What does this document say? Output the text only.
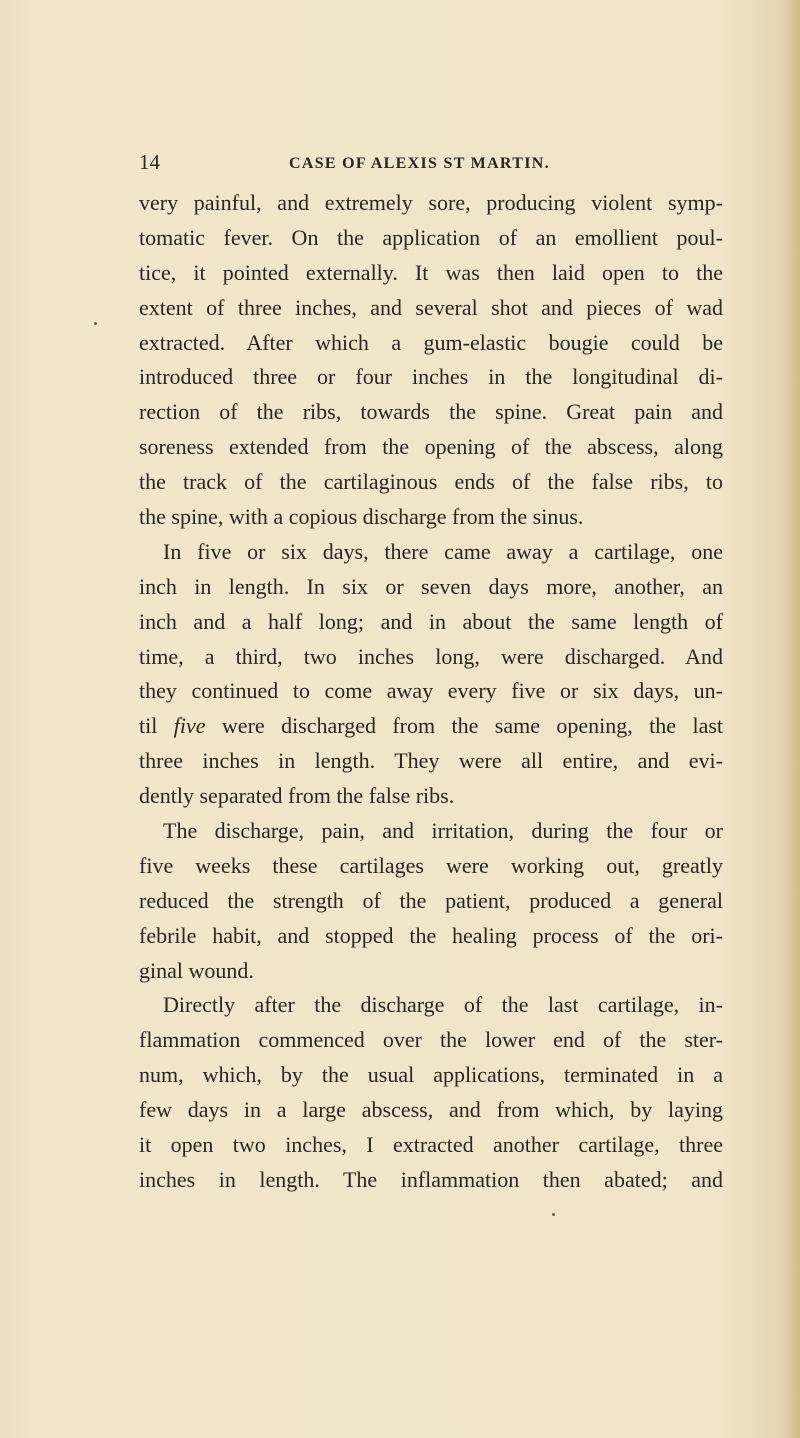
14	CASE OF ALEXIS ST MARTIN.
very painful, and extremely sore, producing violent symp-
tomatic fever. On the application of an emollient poul-
tice, it pointed externally. It was then laid open to the
extent of three inches, and several shot and pieces of wad
extracted. After which a gum-elastic bougie could be
introduced three or four inches in the longitudinal di-
rection of the ribs, towards the spine. Great pain and
soreness extended from the opening of the abscess, along
the track of the cartilaginous ends of the false ribs, to
the spine, with a copious discharge from the sinus.
In five or six days, there came away a cartilage, one
inch in length. In six or seven days more, another, an
inch and a half long; and in about the same length of
time, a third, two inches long, were discharged. And
they continued to come away every five or six days, un-
til five were discharged from the same opening, the last
three inches in length. They were all entire, and evi-
dently separated from the false ribs.
The discharge, pain, and irritation, during the four or
five weeks these cartilages were working out, greatly
reduced the strength of the patient, produced a general
febrile habit, and stopped the healing process of the ori-
ginal wound.
Directly after the discharge of the last cartilage, in-
flammation commenced over the lower end of the ster-
num, which, by the usual applications, terminated in a
few days in a large abscess, and from which, by laying
it open two inches, I extracted another cartilage, three
inches in length. The inflammation then abated; and
